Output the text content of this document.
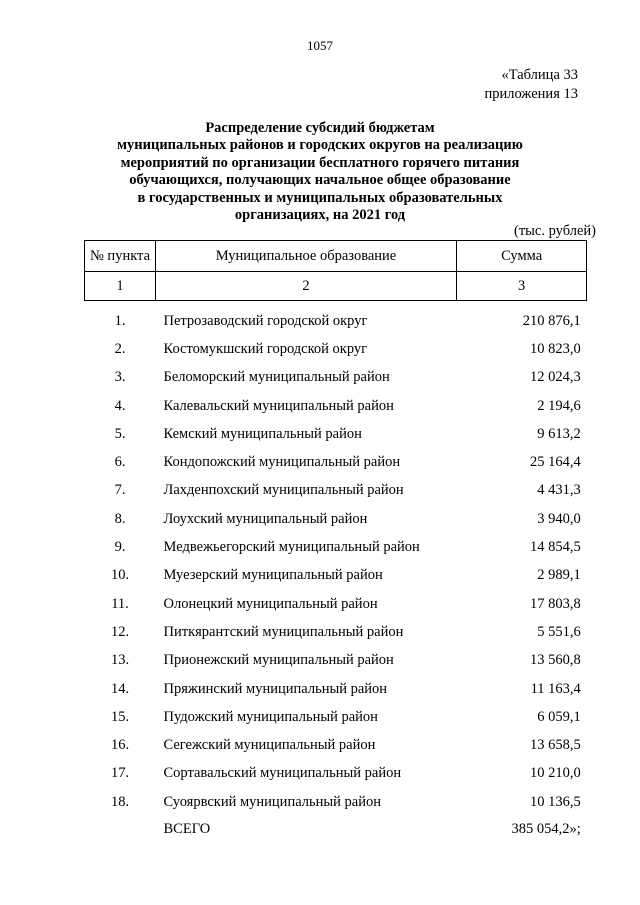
1057
«Таблица 33
приложения 13
Распределение субсидий бюджетам
муниципальных районов и городских округов на реализацию
мероприятий по организации бесплатного горячего питания
обучающихся, получающих начальное общее образование
в государственных и муниципальных образовательных
организациях, на 2021 год
(тыс. рублей)
№ пункта	Муниципальное образование	Сумма
1	2	3

1.	Петрозаводский городской округ	210 876,1
2.	Костомукшский городской округ	10 823,0
3.	Беломорский муниципальный район	12 024,3
4.	Калевальский муниципальный район	2 194,6
5.	Кемский муниципальный район	9 613,2
6.	Кондопожский муниципальный район	25 164,4
7.	Лахденпохский муниципальный район	4 431,3
8.	Лоухский муниципальный район	3 940,0
9.	Медвежьегорский муниципальный район	14 854,5
10.	Муезерский муниципальный район	2 989,1
11.	Олонецкий муниципальный район	17 803,8
12.	Питкярантский муниципальный район	5 551,6
13.	Прионежский муниципальный район	13 560,8
14.	Пряжинский муниципальный район	11 163,4
15.	Пудожский муниципальный район	6 059,1
16.	Сегежский муниципальный район	13 658,5
17.	Сортавальский муниципальный район	10 210,0
18.	Суоярвский муниципальный район	10 136,5
	ВСЕГО	385 054,2»;
